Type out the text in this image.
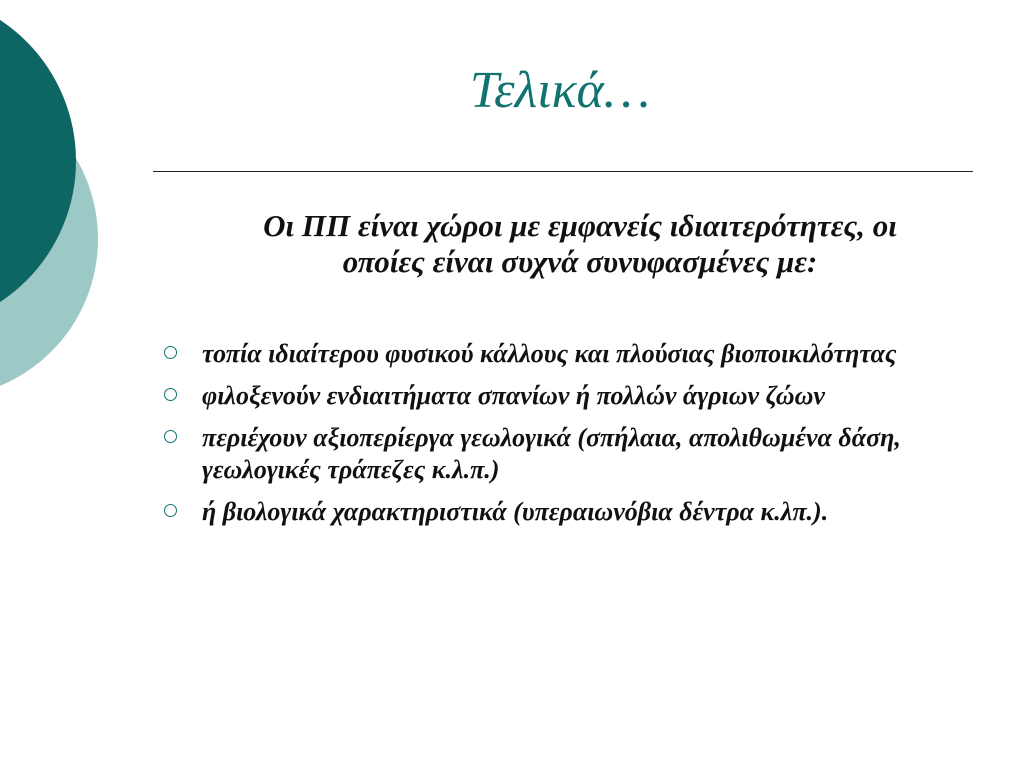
Τελικά…
Οι ΠΠ είναι χώροι με εμφανείς ιδιαιτερότητες, οι οποίες είναι συχνά συνυφασμένες με:
τοπία ιδιαίτερου φυσικού κάλλους και πλούσιας βιοποικιλότητας
φιλοξενούν ενδιαιτήματα σπανίων ή πολλών άγριων ζώων
περιέχουν αξιοπερίεργα γεωλογικά (σπήλαια, απολιθωμένα δάση, γεωλογικές τράπεζες κ.λ.π.)
ή βιολογικά χαρακτηριστικά (υπεραιωνόβια δέντρα κ.λπ.).
